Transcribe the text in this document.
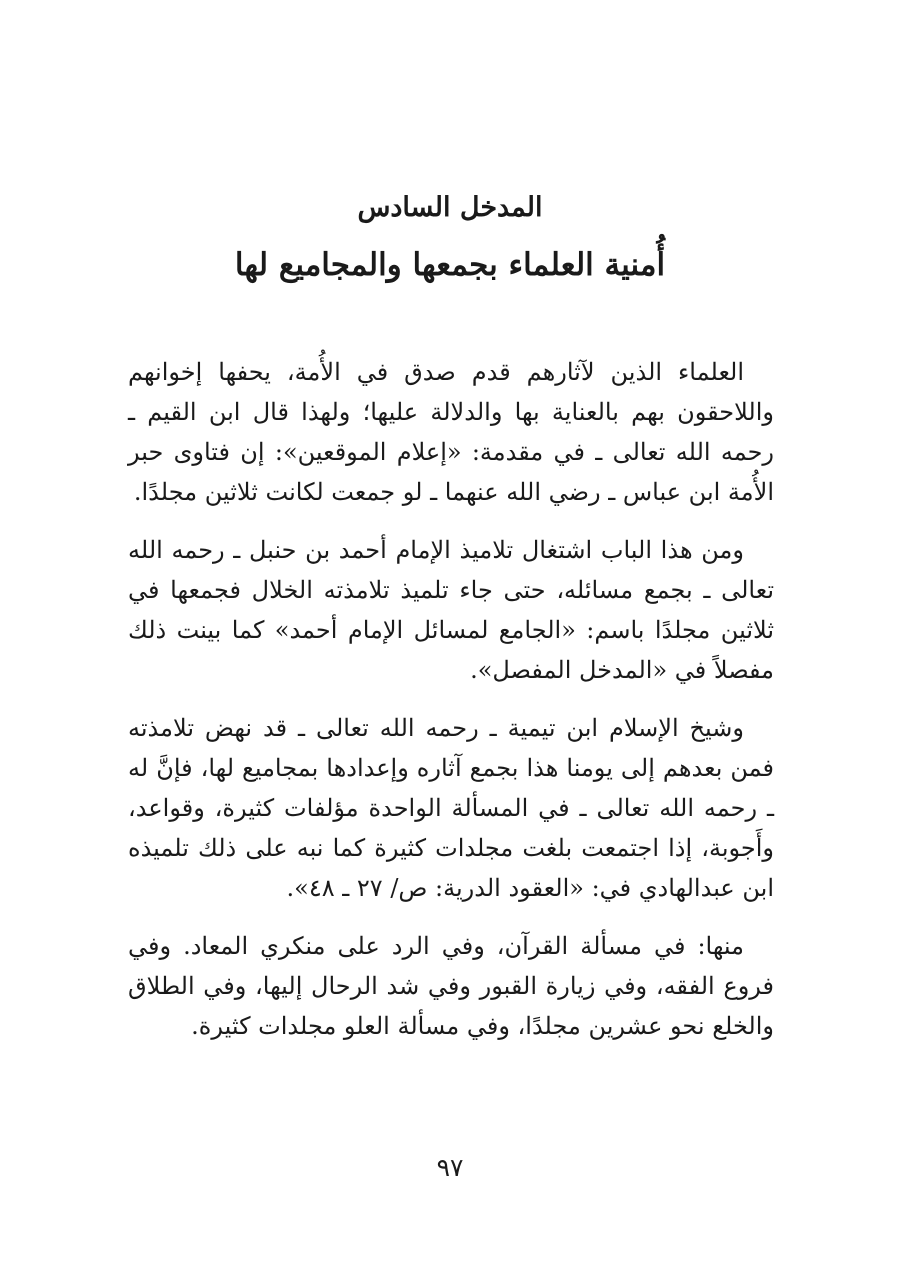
المدخل السادس
أُمنية العلماء بجمعها والمجاميع لها

العلماء الذين لآثارهم قدم صدق في الأُمة، يحفها إخوانهم واللاحقون بهم بالعناية بها والدلالة عليها؛ ولهذا قال ابن القيم ـ رحمه الله تعالى ـ في مقدمة: «إعلام الموقعين»: إن فتاوى حبر الأُمة ابن عباس ـ رضي الله عنهما ـ لو جمعت لكانت ثلاثين مجلدًا.

ومن هذا الباب اشتغال تلاميذ الإمام أحمد بن حنبل ـ رحمه الله تعالى ـ بجمع مسائله، حتى جاء تلميذ تلامذته الخلال فجمعها في ثلاثين مجلدًا باسم: «الجامع لمسائل الإمام أحمد» كما بينت ذلك مفصلاً في «المدخل المفصل».

وشيخ الإسلام ابن تيمية ـ رحمه الله تعالى ـ قد نهض تلامذته فمن بعدهم إلى يومنا هذا بجمع آثاره وإعدادها بمجاميع لها، فإنَّ له ـ رحمه الله تعالى ـ في المسألة الواحدة مؤلفات كثيرة، وقواعد، وأَجوبة، إذا اجتمعت بلغت مجلدات كثيرة كما نبه على ذلك تلميذه ابن عبدالهادي في: «العقود الدرية: ص/ ٢٧ ـ ٤٨».

منها: في مسألة القرآن، وفي الرد على منكري المعاد. وفي فروع الفقه، وفي زيارة القبور وفي شد الرحال إليها، وفي الطلاق والخلع نحو عشرين مجلدًا، وفي مسألة العلو مجلدات كثيرة.

٩٧
